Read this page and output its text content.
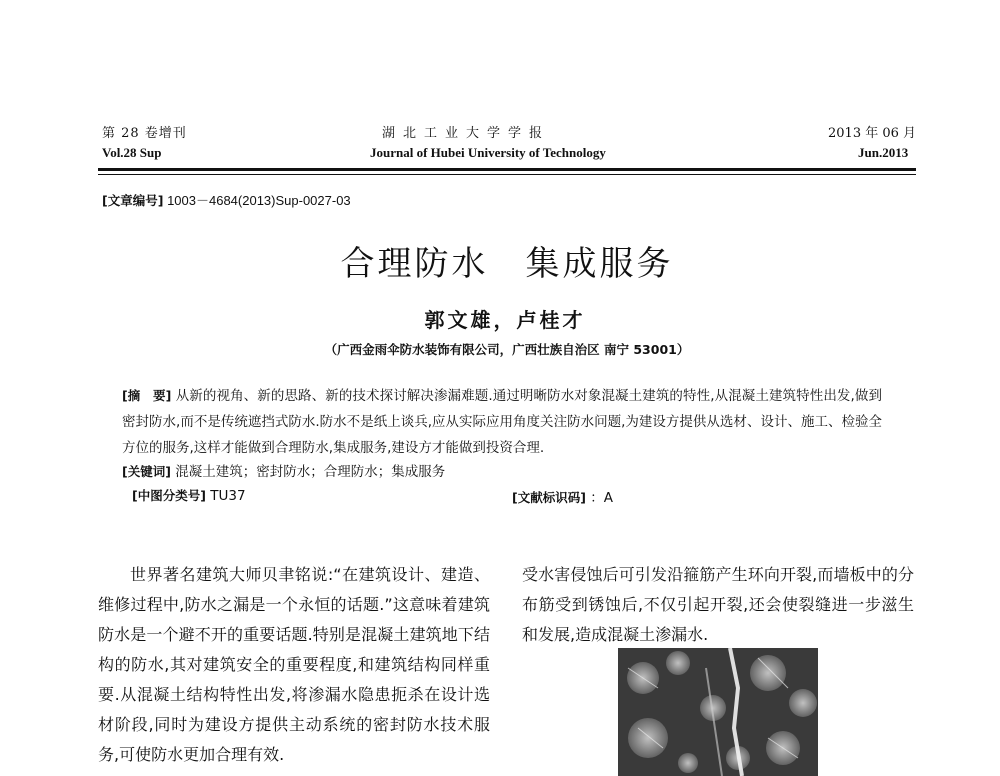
第 28 卷增刊
Vol.28 Sup
湖北工业大学学报
Journal of Hubei University of Technology
2013 年 06 月
Jun.2013
[文章编号] 1003－4684(2013)Sup-0027-03
合理防水　集成服务
郭文雄，卢桂才
（广西金雨伞防水装饰有限公司，广西壮族自治区 南宁 53001）
[摘　要] 从新的视角、新的思路、新的技术探讨解决渗漏难题.通过明晰防水对象混凝土建筑的特性,从混凝土建筑特性出发,做到密封防水,而不是传统遮挡式防水.防水不是纸上谈兵,应从实际应用角度关注防水问题,为建设方提供从选材、设计、施工、检验全方位的服务,这样才能做到合理防水,集成服务,建设方才能做到投资合理.
[关键词] 混凝土建筑；密封防水；合理防水；集成服务
[中图分类号] TU37	[文献标识码] ：A

世界著名建筑大师贝聿铭说:“在建筑设计、建造、维修过程中,防水之漏是一个永恒的话题.”这意味着建筑防水是一个避不开的重要话题.特别是混凝土建筑地下结构的防水,其对建筑安全的重要程度,和建筑结构同样重要.从混凝土结构特性出发,将渗漏水隐患扼杀在设计选材阶段,同时为建设方提供主动系统的密封防水技术服务,可使防水更加合理有效.

受水害侵蚀后可引发沿箍筋产生环向开裂,而墙板中的分布筋受到锈蚀后,不仅引起开裂,还会使裂缝进一步滋生和发展,造成混凝土渗漏水.
